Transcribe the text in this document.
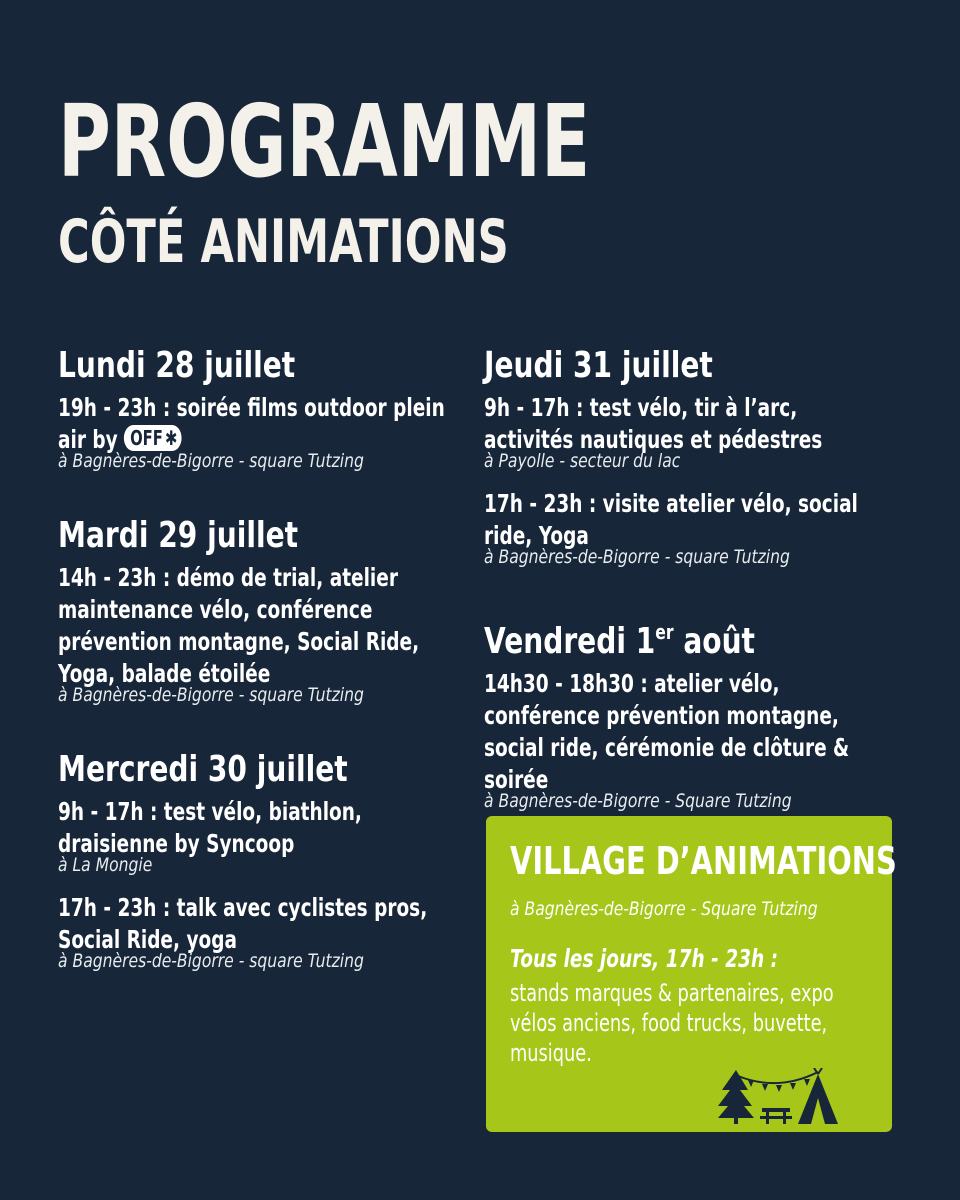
PROGRAMME
CÔTÉ ANIMATIONS
Lundi 28 juillet
19h - 23h : soirée films outdoor plein air by OFF ✱
à Bagnères-de-Bigorre - square Tutzing
Mardi 29 juillet
14h - 23h : démo de trial, atelier maintenance vélo, conférence prévention montagne, Social Ride, Yoga, balade étoilée
à Bagnères-de-Bigorre - square Tutzing
Mercredi 30 juillet
9h - 17h : test vélo, biathlon, draisienne by Syncoop
à La Mongie
17h - 23h : talk avec cyclistes pros, Social Ride, yoga
à Bagnères-de-Bigorre - square Tutzing
Jeudi 31 juillet
9h - 17h : test vélo, tir à l’arc, activités nautiques et pédestres
à Payolle - secteur du lac
17h - 23h : visite atelier vélo, social ride, Yoga
à Bagnères-de-Bigorre - square Tutzing
Vendredi 1er août
14h30 - 18h30 : atelier vélo, conférence prévention montagne, social ride, cérémonie de clôture & soirée
à Bagnères-de-Bigorre - Square Tutzing
VILLAGE D’ANIMATIONS
à Bagnères-de-Bigorre - Square Tutzing
Tous les jours, 17h - 23h :
stands marques & partenaires, expo vélos anciens, food trucks, buvette, musique.
